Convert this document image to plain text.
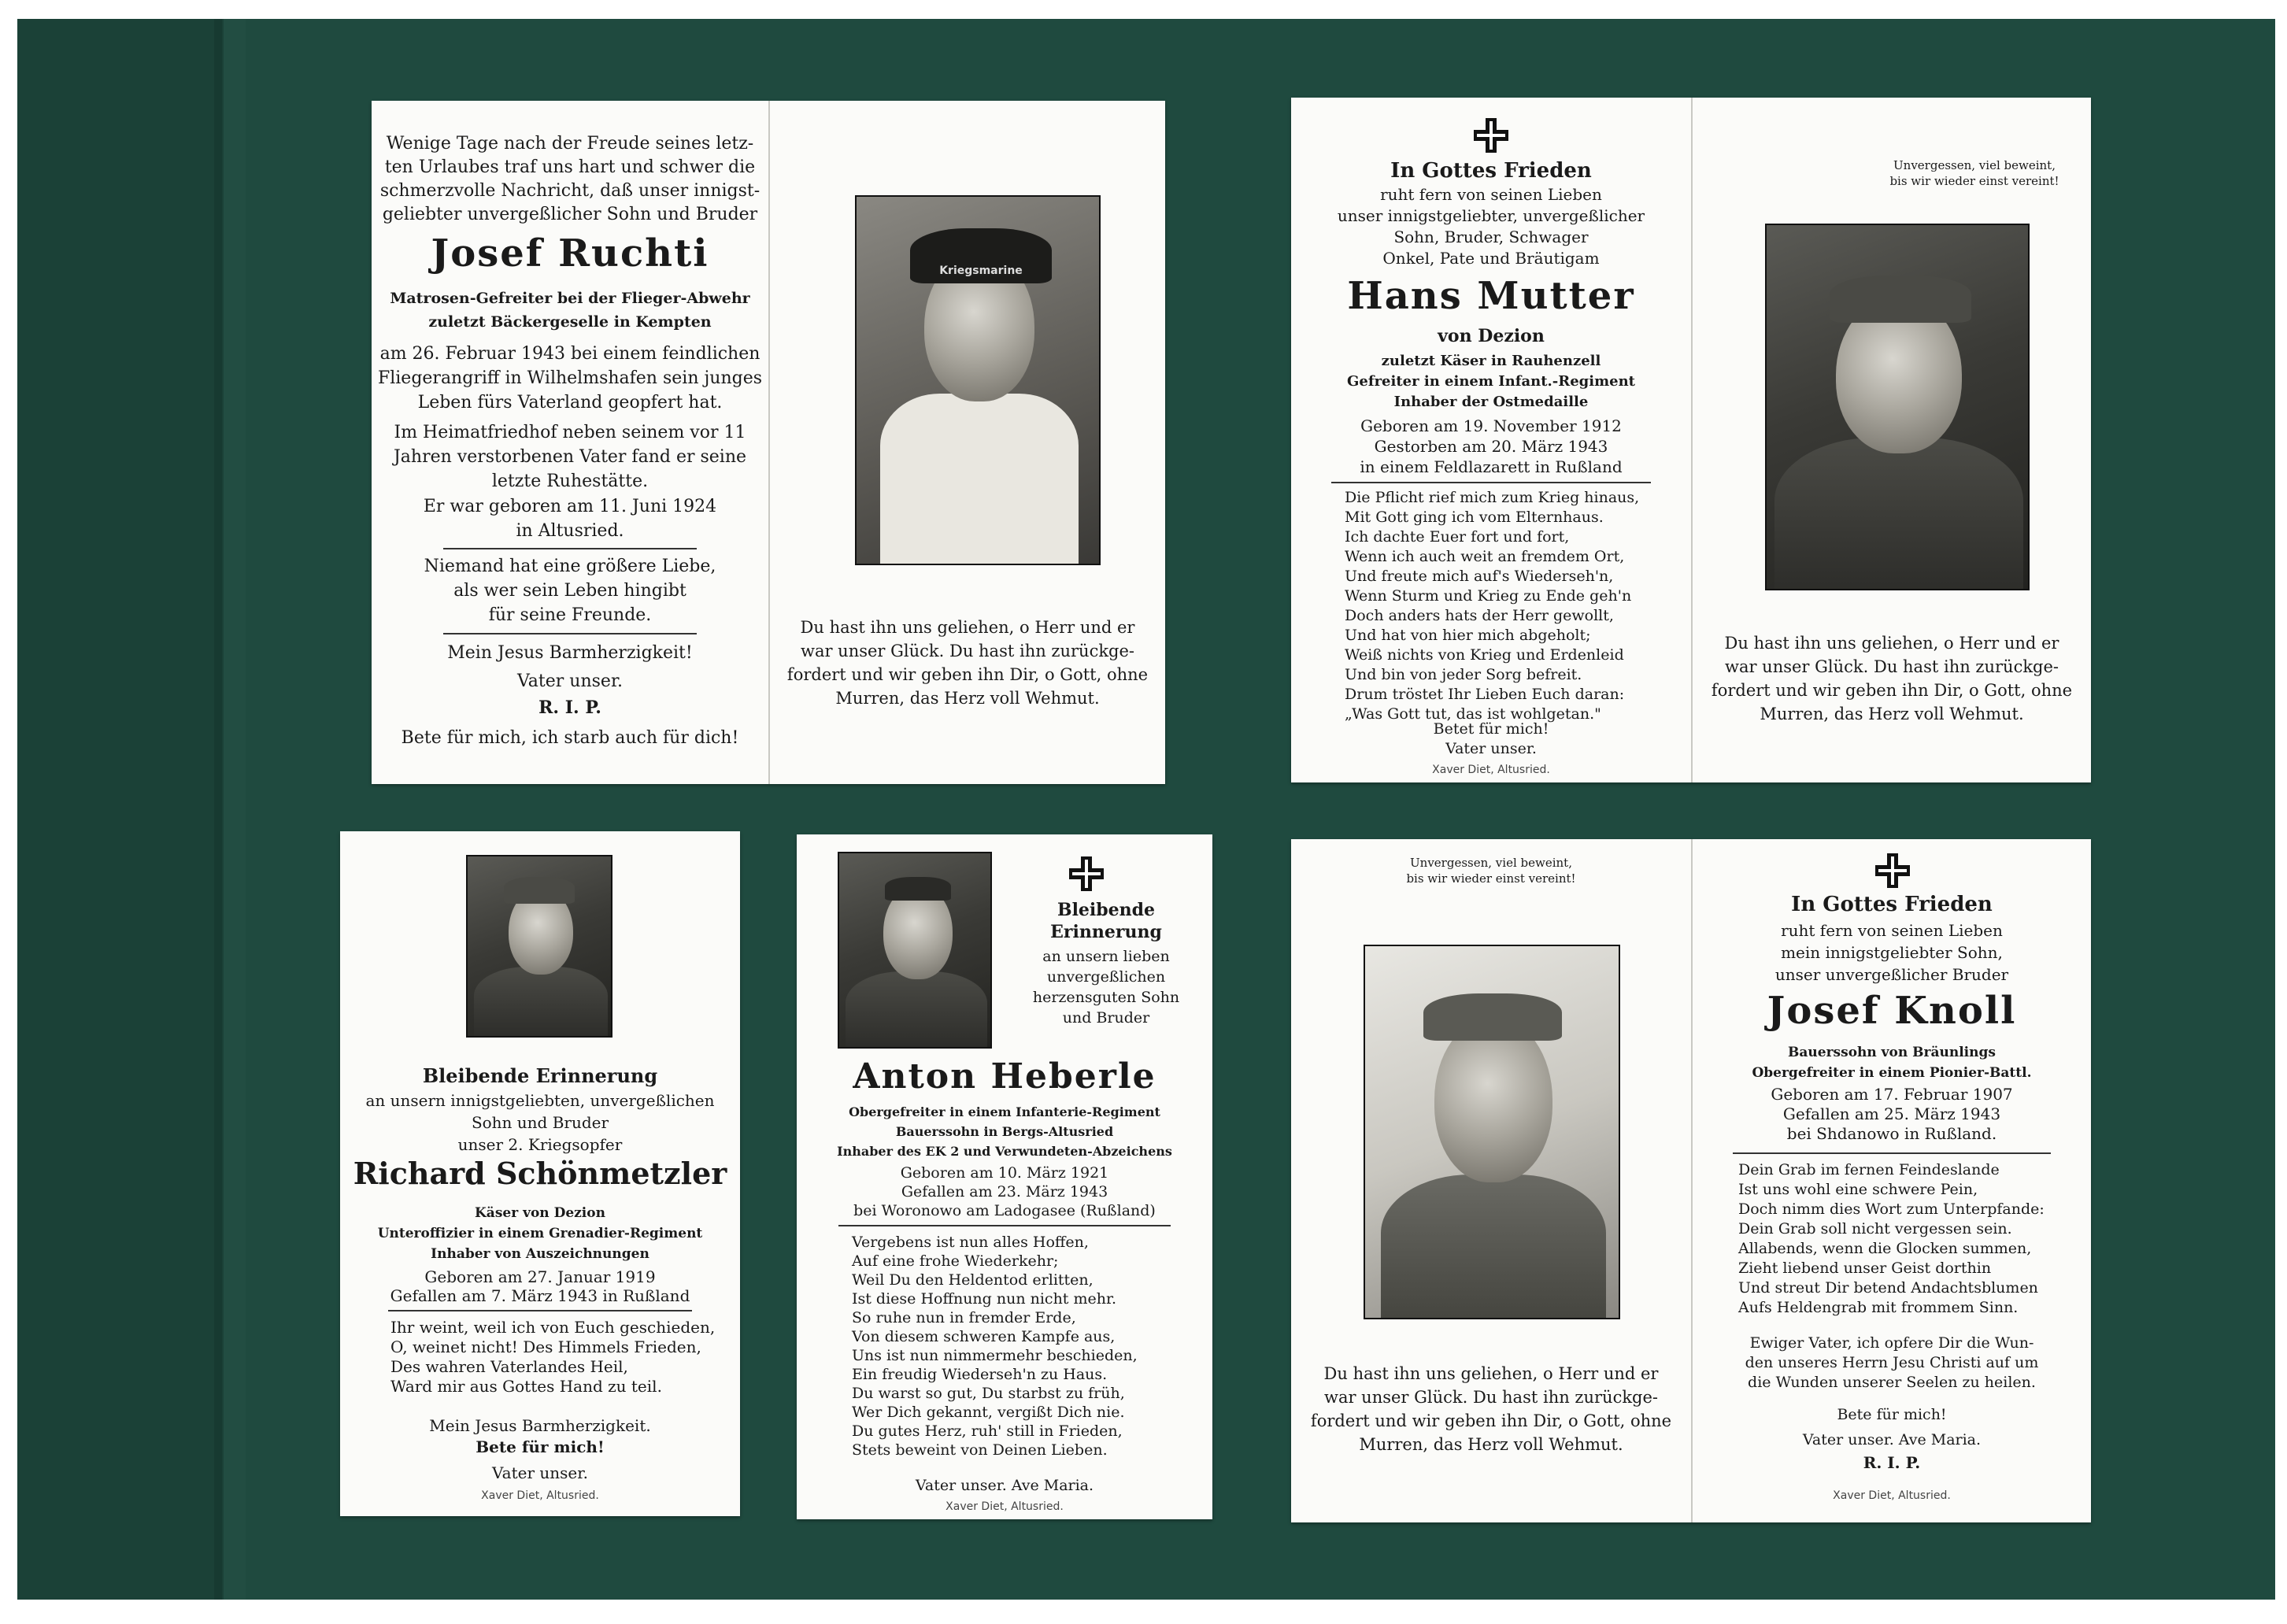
Wenige Tage nach der Freude seines letz-
ten Urlaubes traf uns hart und schwer die
schmerzvolle Nachricht, daß unser innigst-
geliebter unvergeßlicher Sohn und Bruder
Josef Ruchti
Matrosen-Gefreiter bei der Flieger-Abwehr
zuletzt Bäckergeselle in Kempten
am 26. Februar 1943 bei einem feindlichen
Fliegerangriff in Wilhelmshafen sein junges
Leben fürs Vaterland geopfert hat.
Im Heimatfriedhof neben seinem vor 11
Jahren verstorbenen Vater fand er seine
letzte Ruhestätte.
Er war geboren am 11. Juni 1924
in Altusried.
Niemand hat eine größere Liebe,
als wer sein Leben hingibt
für seine Freunde.
Mein Jesus Barmherzigkeit!
Vater unser.
R. I. P.
Bete für mich, ich starb auch für dich!
Kriegsmarine
Du hast ihn uns geliehen, o Herr und er
war unser Glück. Du hast ihn zurückge-
fordert und wir geben ihn Dir, o Gott, ohne
Murren, das Herz voll Wehmut.
In Gottes Frieden
ruht fern von seinen Lieben
unser innigstgeliebter, unvergeßlicher
Sohn, Bruder, Schwager
Onkel, Pate und Bräutigam
Hans Mutter
von Dezion
zuletzt Käser in Rauhenzell
Gefreiter in einem Infant.-Regiment
Inhaber der Ostmedaille
Geboren am 19. November 1912
Gestorben am 20. März 1943
in einem Feldlazarett in Rußland
Die Pflicht rief mich zum Krieg hinaus,
Mit Gott ging ich vom Elternhaus.
Ich dachte Euer fort und fort,
Wenn ich auch weit an fremdem Ort,
Und freute mich auf's Wiederseh'n,
Wenn Sturm und Krieg zu Ende geh'n
Doch anders hats der Herr gewollt,
Und hat von hier mich abgeholt;
Weiß nichts von Krieg und Erdenleid
Und bin von jeder Sorg befreit.
Drum tröstet Ihr Lieben Euch daran:
„Was Gott tut, das ist wohlgetan."
Betet für mich!
Vater unser.
Xaver Diet, Altusried.
Unvergessen, viel beweint,
bis wir wieder einst vereint!
Du hast ihn uns geliehen, o Herr und er
war unser Glück. Du hast ihn zurückge-
fordert und wir geben ihn Dir, o Gott, ohne
Murren, das Herz voll Wehmut.
Bleibende Erinnerung
an unsern innigstgeliebten, unvergeßlichen
Sohn und Bruder
unser 2. Kriegsopfer
Richard Schönmetzler
Käser von Dezion
Unteroffizier in einem Grenadier-Regiment
Inhaber von Auszeichnungen
Geboren am 27. Januar 1919
Gefallen am 7. März 1943 in Rußland
Ihr weint, weil ich von Euch geschieden,
O, weinet nicht! Des Himmels Frieden,
Des wahren Vaterlandes Heil,
Ward mir aus Gottes Hand zu teil.
Mein Jesus Barmherzigkeit.
Bete für mich!
Vater unser.
Xaver Diet, Altusried.
Bleibende
Erinnerung
an unsern lieben
unvergeßlichen
herzensguten Sohn
und Bruder
Anton Heberle
Obergefreiter in einem Infanterie-Regiment
Bauerssohn in Bergs-Altusried
Inhaber des EK 2 und Verwundeten-Abzeichens
Geboren am 10. März 1921
Gefallen am 23. März 1943
bei Woronowo am Ladogasee (Rußland)
Vergebens ist nun alles Hoffen,
Auf eine frohe Wiederkehr;
Weil Du den Heldentod erlitten,
Ist diese Hoffnung nun nicht mehr.
So ruhe nun in fremder Erde,
Von diesem schweren Kampfe aus,
Uns ist nun nimmermehr beschieden,
Ein freudig Wiederseh'n zu Haus.
Du warst so gut, Du starbst zu früh,
Wer Dich gekannt, vergißt Dich nie.
Du gutes Herz, ruh' still in Frieden,
Stets beweint von Deinen Lieben.
Vater unser. Ave Maria.
Xaver Diet, Altusried.
Unvergessen, viel beweint,
bis wir wieder einst vereint!
Du hast ihn uns geliehen, o Herr und er
war unser Glück. Du hast ihn zurückge-
fordert und wir geben ihn Dir, o Gott, ohne
Murren, das Herz voll Wehmut.
In Gottes Frieden
ruht fern von seinen Lieben
mein innigstgeliebter Sohn,
unser unvergeßlicher Bruder
Josef Knoll
Bauerssohn von Bräunlings
Obergefreiter in einem Pionier-Battl.
Geboren am 17. Februar 1907
Gefallen am 25. März 1943
bei Shdanowo in Rußland.
Dein Grab im fernen Feindeslande
Ist uns wohl eine schwere Pein,
Doch nimm dies Wort zum Unterpfande:
Dein Grab soll nicht vergessen sein.
Allabends, wenn die Glocken summen,
Zieht liebend unser Geist dorthin
Und streut Dir betend Andachtsblumen
Aufs Heldengrab mit frommem Sinn.
Ewiger Vater, ich opfere Dir die Wun-
den unseres Herrn Jesu Christi auf um
die Wunden unserer Seelen zu heilen.
Bete für mich!
Vater unser. Ave Maria.
R. I. P.
Xaver Diet, Altusried.
